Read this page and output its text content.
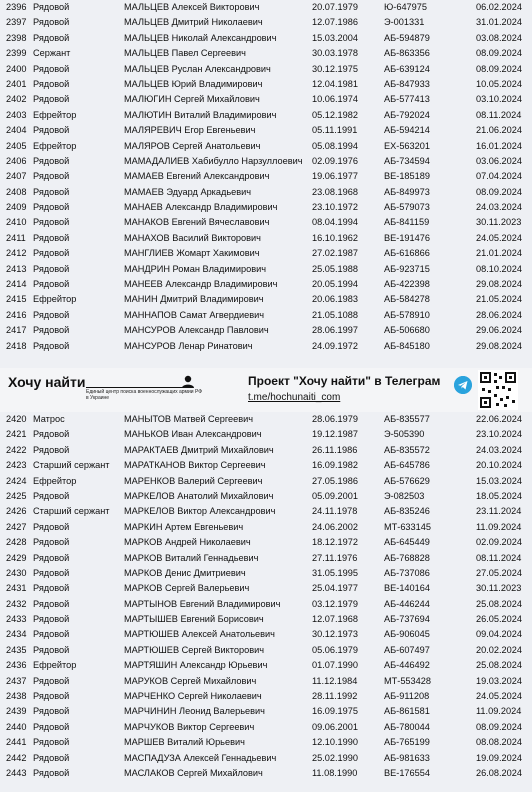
2396 Рядовой	МАЛЬЦЕВ Алексей Викторович	20.07.1979	Ю-647975	06.02.2024
2397 Рядовой	МАЛЬЦЕВ Дмитрий Николаевич	12.07.1986	Э-001331	31.01.2024
2398 Рядовой	МАЛЬЦЕВ Николай Александрович	15.03.2004	АБ-594879	03.08.2024
2399 Сержант	МАЛЬЦЕВ Павел Сергеевич	30.03.1978	АБ-863356	08.09.2024
2400 Рядовой	МАЛЬЦЕВ Руслан Александрович	30.12.1975	АБ-639124	08.09.2024
2401 Рядовой	МАЛЬЦЕВ Юрий Владимирович	12.04.1981	АБ-847933	10.05.2024
2402 Рядовой	МАЛЮГИН Сергей Михайлович	10.06.1974	АБ-577413	03.10.2024
2403 Ефрейтор	МАЛЮТИН Виталий Владимирович	05.12.1982	АБ-792024	08.11.2024
2404 Рядовой	МАЛЯРЕВИЧ Егор Евгеньевич	05.11.1991	АБ-594214	21.06.2024
2405 Ефрейтор	МАЛЯРОВ Сергей Анатольевич	05.08.1994	ЕХ-563201	16.01.2024
2406 Рядовой	МАМАДАЛИЕВ Хабибулло Нарзуллоевич 02.09.1976	АБ-734594	03.06.2024
2407 Рядовой	МАМАЕВ Евгений Александрович	19.06.1977	ВЕ-185189	07.04.2024
2408 Рядовой	МАМАЕВ Эдуард Аркадьевич	23.08.1968	АБ-849973	08.09.2024
2409 Рядовой	МАНАЕВ Александр Владимирович	23.10.1972	АБ-579073	24.03.2024
2410 Рядовой	МАНАКОВ Евгений Вячеславович	08.04.1994	АБ-841159	30.11.2023
2411 Рядовой	МАНАХОВ Василий Викторович	16.10.1962	ВЕ-191476	24.05.2024
2412 Рядовой	МАНГЛИЕВ Жомарт Хакимович	27.02.1987	АБ-616866	21.01.2024
2413 Рядовой	МАНДРИН Роман Владимирович	25.05.1988	АБ-923715	08.10.2024
2414 Рядовой	МАНЕЕВ Александр Владимирович	20.05.1994	АБ-422398	29.08.2024
2415 Ефрейтор	МАНИН Дмитрий Владимирович	20.06.1983	АБ-584278	21.05.2024
2416 Рядовой	МАННАПОВ Самат Агвердиевич	21.05.1088	АБ-578910	28.06.2024
2417 Рядовой	МАНСУРОВ Александр Павлович	28.06.1997	АБ-506680	29.06.2024
2418 Рядовой	МАНСУРОВ Ленар Ринатович	24.09.1972	АБ-845180	29.08.2024
Хочу найти
Единый центр поиска военнослужащих армии РФ в Украине
Проект "Хочу найти" в Телеграм
t.me/hochunaiti_com
2420 Матрос	МАНЫТОВ Матвей Сергеевич	28.06.1979	АБ-835577	22.06.2024
2421 Рядовой	МАНЬКОВ Иван Александрович	19.12.1987	Э-505390	23.10.2024
2422 Рядовой	МАРАКТАЕВ Дмитрий Михайлович	26.11.1986	АБ-835572	24.03.2024
2423 Старший сержант МАРАТКАНОВ Виктор Сергеевич	16.09.1982	АБ-645786	20.10.2024
2424 Ефрейтор	МАРЕНКОВ Валерий Сергеевич	27.05.1986	АБ-576629	15.03.2024
2425 Рядовой	МАРКЕЛОВ Анатолий Михайлович	05.09.2001	Э-082503	18.05.2024
2426 Старший сержант МАРКЕЛОВ Виктор Александрович	24.11.1978	АБ-835246	23.11.2024
2427 Рядовой	МАРКИН Артем Евгеньевич	24.06.2002	МТ-633145	11.09.2024
2428 Рядовой	МАРКОВ Андрей Николаевич	18.12.1972	АБ-645449	02.09.2024
2429 Рядовой	МАРКОВ Виталий Геннадьевич	27.11.1976	АБ-768828	08.11.2024
2430 Рядовой	МАРКОВ Денис Дмитриевич	31.05.1995	АБ-737086	27.05.2024
2431 Рядовой	МАРКОВ Сергей Валерьевич	25.04.1977	ВЕ-140164	30.11.2023
2432 Рядовой	МАРТЫНОВ Евгений Владимирович	03.12.1979	АБ-446244	25.08.2024
2433 Рядовой	МАРТЫШЕВ Евгений Борисович	12.07.1968	АБ-737694	26.05.2024
2434 Рядовой	МАРТЮШЕВ Алексей Анатольевич	30.12.1973	АБ-906045	09.04.2024
2435 Рядовой	МАРТЮШЕВ Сергей Викторович	05.06.1979	АБ-607497	20.02.2024
2436 Ефрейтор	МАРТЯШИН Александр Юрьевич	01.07.1990	АБ-446492	25.08.2024
2437 Рядовой	МАРУКОВ Сергей Михайлович	11.12.1984	МТ-553428	19.03.2024
2438 Рядовой	МАРЧЕНКО Сергей Николаевич	28.11.1992	АБ-911208	24.05.2024
2439 Рядовой	МАРЧИНИН Леонид Валерьевич	16.09.1975	АБ-861581	11.09.2024
2440 Рядовой	МАРЧУКОВ Виктор Сергеевич	09.06.2001	АБ-780044	08.09.2024
2441 Рядовой	МАРШЕВ Виталий Юрьевич	12.10.1990	АБ-765199	08.08.2024
2442 Рядовой	МАСПАДУЗА Алексей Геннадьевич	25.02.1990	АБ-981633	19.09.2024
2443 Рядовой	МАСЛАКОВ Сергей Михайлович	11.08.1990	ВЕ-176554	26.08.2024
